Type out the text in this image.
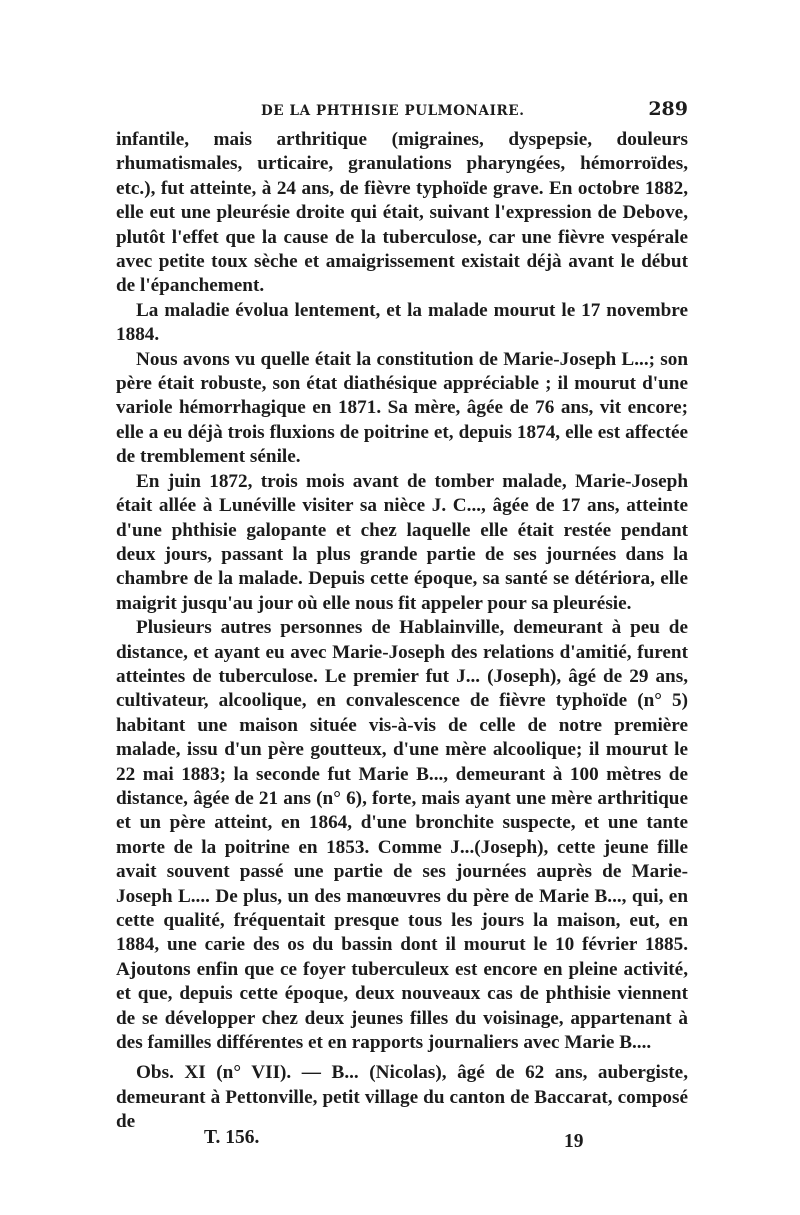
DE LA PHTHISIE PULMONAIRE.	289

infantile, mais arthritique (migraines, dyspepsie, douleurs rhumatismales, urticaire, granulations pharyngées, hémorroïdes, etc.), fut atteinte, à 24 ans, de fièvre typhoïde grave. En octobre 1882, elle eut une pleurésie droite qui était, suivant l'expression de Debove, plutôt l'effet que la cause de la tuberculose, car une fièvre vespérale avec petite toux sèche et amaigrissement existait déjà avant le début de l'épanchement.

La maladie évolua lentement, et la malade mourut le 17 novembre 1884.

Nous avons vu quelle était la constitution de Marie-Joseph L...; son père était robuste, son état diathésique appréciable ; il mourut d'une variole hémorrhagique en 1871. Sa mère, âgée de 76 ans, vit encore; elle a eu déjà trois fluxions de poitrine et, depuis 1874, elle est affectée de tremblement sénile.

En juin 1872, trois mois avant de tomber malade, Marie-Joseph était allée à Lunéville visiter sa nièce J. C..., âgée de 17 ans, atteinte d'une phthisie galopante et chez laquelle elle était restée pendant deux jours, passant la plus grande partie de ses journées dans la chambre de la malade. Depuis cette époque, sa santé se détériora, elle maigrit jusqu'au jour où elle nous fit appeler pour sa pleurésie.

Plusieurs autres personnes de Hablainville, demeurant à peu de distance, et ayant eu avec Marie-Joseph des relations d'amitié, furent atteintes de tuberculose. Le premier fut J... (Joseph), âgé de 29 ans, cultivateur, alcoolique, en convalescence de fièvre typhoïde (n° 5) habitant une maison située vis-à-vis de celle de notre première malade, issu d'un père goutteux, d'une mère alcoolique; il mourut le 22 mai 1883; la seconde fut Marie B..., demeurant à 100 mètres de distance, âgée de 21 ans (n° 6), forte, mais ayant une mère arthritique et un père atteint, en 1864, d'une bronchite suspecte, et une tante morte de la poitrine en 1853. Comme J...(Joseph), cette jeune fille avait souvent passé une partie de ses journées auprès de Marie-Joseph L.... De plus, un des manœuvres du père de Marie B..., qui, en cette qualité, fréquentait presque tous les jours la maison, eut, en 1884, une carie des os du bassin dont il mourut le 10 février 1885. Ajoutons enfin que ce foyer tuberculeux est encore en pleine activité, et que, depuis cette époque, deux nouveaux cas de phthisie viennent de se développer chez deux jeunes filles du voisinage, appartenant à des familles différentes et en rapports journaliers avec Marie B....

Obs. XI (n° VII). — B... (Nicolas), âgé de 62 ans, aubergiste, demeurant à Pettonville, petit village du canton de Baccarat, composé de

T. 156.	19
